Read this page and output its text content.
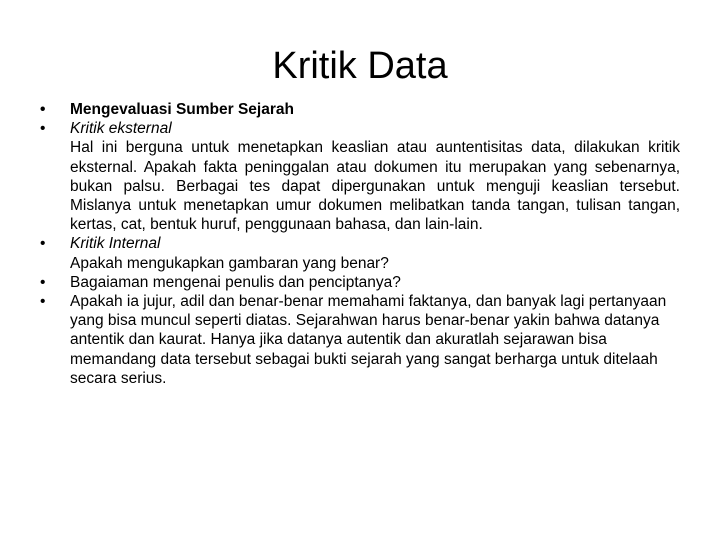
Kritik Data
• Mengevaluasi Sumber Sejarah
• Kritik eksternal
Hal ini berguna untuk menetapkan keaslian atau auntentisitas data, dilakukan kritik eksternal. Apakah fakta peninggalan atau dokumen itu merupakan yang sebenarnya, bukan palsu. Berbagai tes dapat dipergunakan untuk menguji keaslian tersebut. Mislanya untuk menetapkan umur dokumen melibatkan tanda tangan, tulisan tangan, kertas, cat, bentuk huruf, penggunaan bahasa, dan lain-lain.
• Kritik Internal
Apakah mengukapkan gambaran yang benar?
• Bagaiaman mengenai penulis dan penciptanya?
• Apakah ia jujur, adil dan benar-benar memahami faktanya, dan banyak lagi pertanyaan yang bisa muncul seperti diatas. Sejarahwan harus benar-benar yakin bahwa datanya antentik dan kaurat. Hanya jika datanya autentik dan akuratlah sejarawan bisa memandang data tersebut sebagai bukti sejarah yang sangat berharga untuk ditelaah secara serius.
